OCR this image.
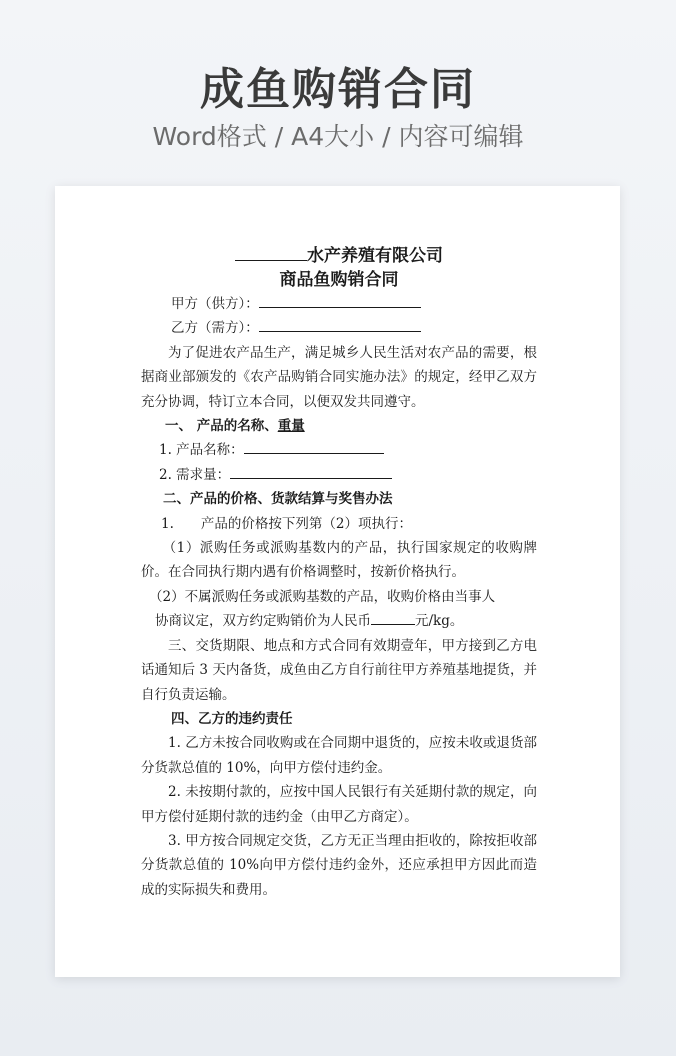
成鱼购销合同
Word格式 / A4大小 / 内容可编辑

水产养殖有限公司

商品鱼购销合同

甲方（供方）：

乙方（需方）：

为了促进农产品生产，满足城乡人民生活对农产品的需要，根据商业部颁发的《农产品购销合同实施办法》的规定，经甲乙双方充分协调，特订立本合同，以便双发共同遵守。

一、 产品的名称、重量

1. 产品名称：

2. 需求量：

二、产品的价格、货款结算与奖售办法

1.　　产品的价格按下列第（2）项执行：

（1）派购任务或派购基数内的产品，执行国家规定的收购牌价。在合同执行期内遇有价格调整时，按新价格执行。

（2）不属派购任务或派购基数的产品，收购价格由当事人

协商议定，双方约定购销价为人民币	元/kg。

三、交货期限、地点和方式合同有效期壹年，甲方接到乙方电话通知后 3 天内备货，成鱼由乙方自行前往甲方养殖基地提货，并自行负责运输。

四、乙方的违约责任

1. 乙方未按合同收购或在合同期中退货的，应按未收或退货部分货款总值的 10%，向甲方偿付违约金。

2. 未按期付款的，应按中国人民银行有关延期付款的规定，向甲方偿付延期付款的违约金（由甲乙方商定）。

3. 甲方按合同规定交货，乙方无正当理由拒收的，除按拒收部分货款总值的 10%向甲方偿付违约金外，还应承担甲方因此而造成的实际损失和费用。
